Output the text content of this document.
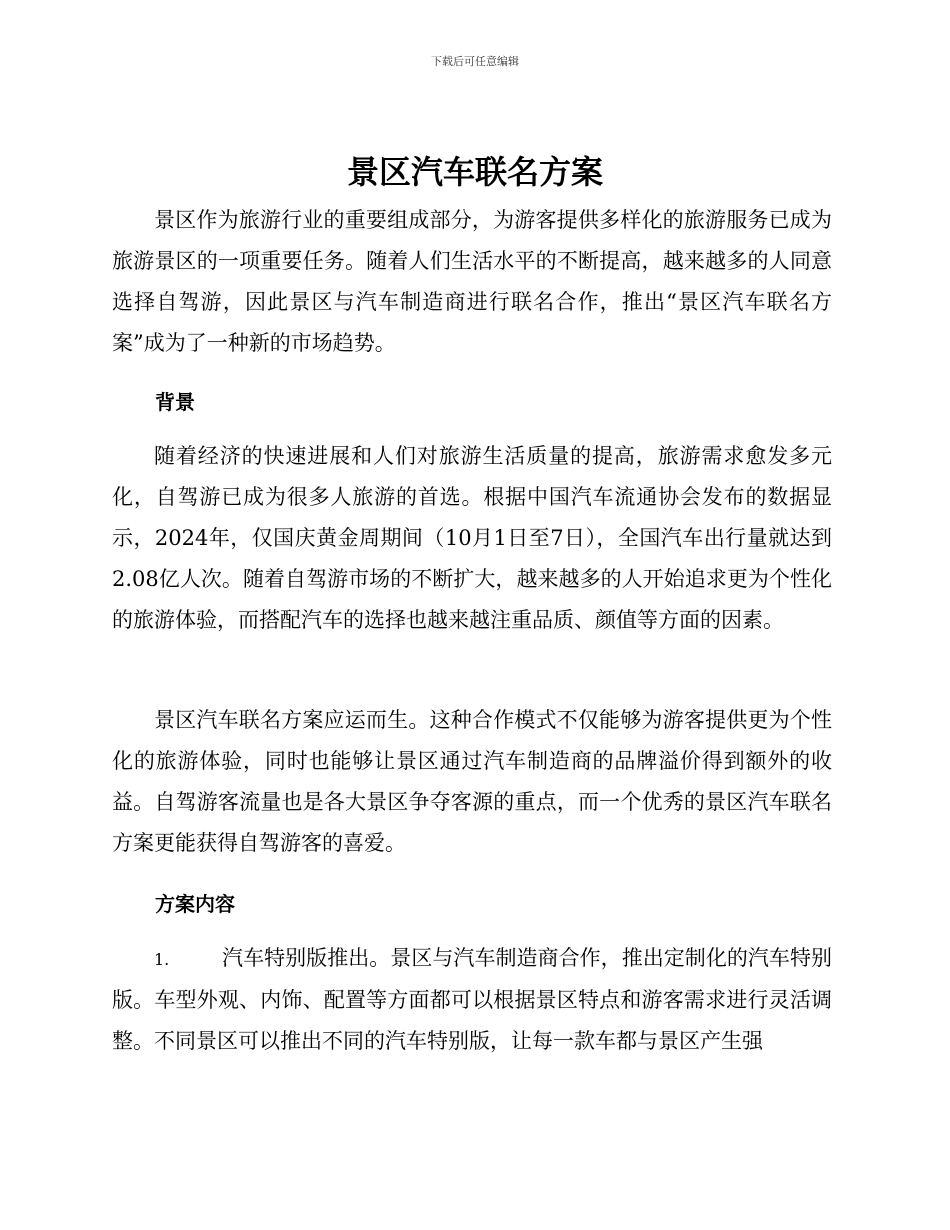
下载后可任意编辑
景区汽车联名方案

景区作为旅游行业的重要组成部分，为游客提供多样化的旅游服务已成为旅游景区的一项重要任务。随着人们生活水平的不断提高，越来越多的人同意选择自驾游，因此景区与汽车制造商进行联名合作，推出“景区汽车联名方案”成为了一种新的市场趋势。

背景

随着经济的快速进展和人们对旅游生活质量的提高，旅游需求愈发多元化，自驾游已成为很多人旅游的首选。根据中国汽车流通协会发布的数据显示，2024年，仅国庆黄金周期间（10月1日至7日），全国汽车出行量就达到2.08亿人次。随着自驾游市场的不断扩大，越来越多的人开始追求更为个性化的旅游体验，而搭配汽车的选择也越来越注重品质、颜值等方面的因素。

景区汽车联名方案应运而生。这种合作模式不仅能够为游客提供更为个性化的旅游体验，同时也能够让景区通过汽车制造商的品牌溢价得到额外的收益。自驾游客流量也是各大景区争夺客源的重点，而一个优秀的景区汽车联名方案更能获得自驾游客的喜爱。

方案内容

1.	汽车特别版推出。景区与汽车制造商合作，推出定制化的汽车特别版。车型外观、内饰、配置等方面都可以根据景区特点和游客需求进行灵活调整。不同景区可以推出不同的汽车特别版，让每一款车都与景区产生强
